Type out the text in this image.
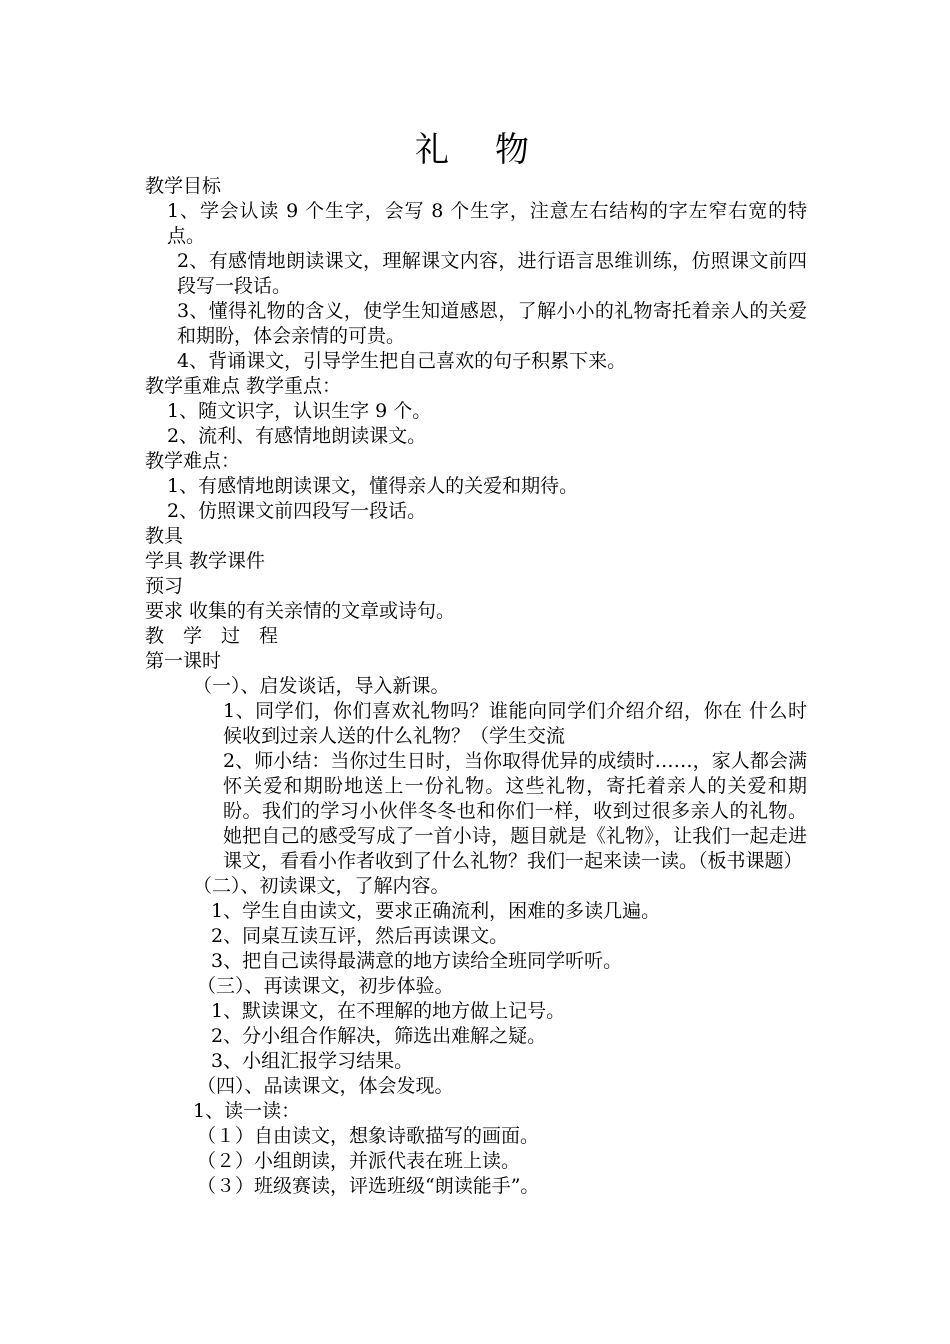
礼　物
教学目标
1、学会认读 9 个生字，会写 8 个生字，注意左右结构的字左窄右宽的特点。
2、有感情地朗读课文，理解课文内容，进行语言思维训练，仿照课文前四段写一段话。
3、懂得礼物的含义，使学生知道感恩，了解小小的礼物寄托着亲人的关爱和期盼，体会亲情的可贵。
4、背诵课文，引导学生把自己喜欢的句子积累下来。
教学重难点 教学重点：
1、随文识字，认识生字 9 个。
2、流利、有感情地朗读课文。
教学难点：
1、有感情地朗读课文，懂得亲人的关爱和期待。
2、仿照课文前四段写一段话。
教具
学具 教学课件
预习
要求 收集的有关亲情的文章或诗句。
教　学　过　程
第一课时
（一）、启发谈话，导入新课。
1、同学们，你们喜欢礼物吗？谁能向同学们介绍介绍，你在 什么时候收到过亲人送的什么礼物？（学生交流
2、师小结：当你过生日时，当你取得优异的成绩时……，家人都会满怀关爱和期盼地送上一份礼物。这些礼物，寄托着亲人的关爱和期盼。我们的学习小伙伴冬冬也和你们一样，收到过很多亲人的礼物。她把自己的感受写成了一首小诗，题目就是《礼物》，让我们一起走进课文，看看小作者收到了什么礼物？我们一起来读一读。（板书课题）
（二）、初读课文，了解内容。
1、学生自由读文，要求正确流利，困难的多读几遍。
2、同桌互读互评，然后再读课文。
3、把自己读得最满意的地方读给全班同学听听。
（三）、再读课文，初步体验。
1、默读课文，在不理解的地方做上记号。
2、分小组合作解决，筛选出难解之疑。
3、小组汇报学习结果。
（四）、品读课文，体会发现。
1、读一读：
（１）自由读文，想象诗歌描写的画面。
（２）小组朗读，并派代表在班上读。
（３）班级赛读，评选班级“朗读能手”。
